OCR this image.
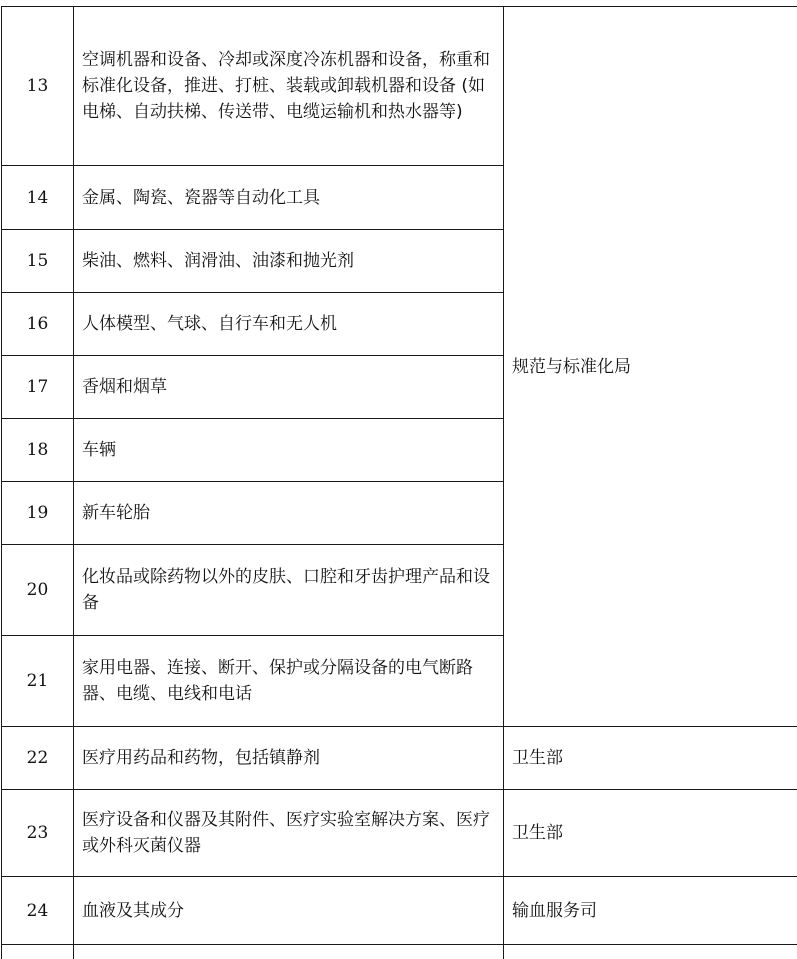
13	空调机器和设备、冷却或深度冷冻机器和设备，称重和标准化设备，推进、打桩、装载或卸载机器和设备 (如电梯、自动扶梯、传送带、电缆运输机和热水器等)	规范与标准化局
14	金属、陶瓷、瓷器等自动化工具	
15	柴油、燃料、润滑油、油漆和抛光剂	
16	人体模型、气球、自行车和无人机	
17	香烟和烟草	
18	车辆	
19	新车轮胎	
20	化妆品或除药物以外的皮肤、口腔和牙齿护理产品和设备	
21	家用电器、连接、断开、保护或分隔设备的电气断路器、电缆、电线和电话	
22	医疗用药品和药物，包括镇静剂	卫生部
23	医疗设备和仪器及其附件、医疗实验室解决方案、医疗或外科灭菌仪器	卫生部
24	血液及其成分	输血服务司
